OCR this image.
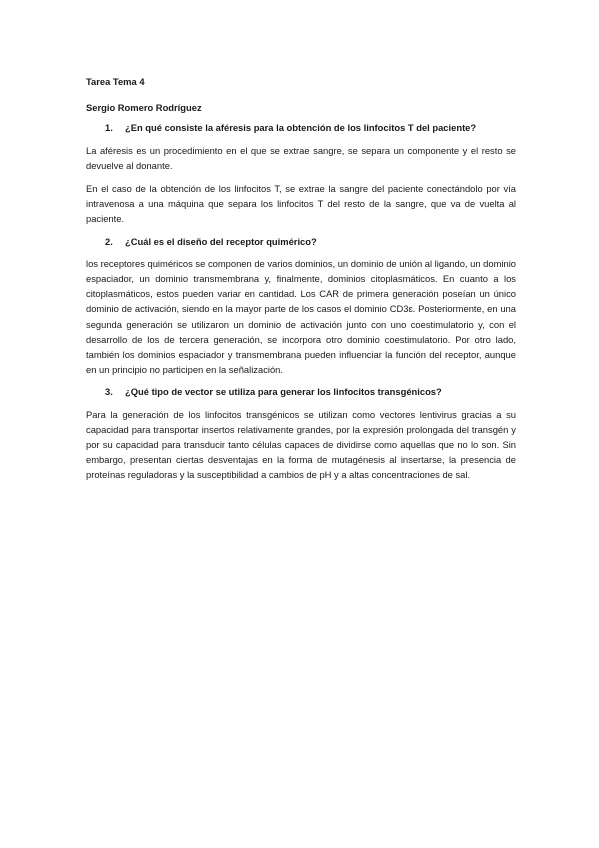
Tarea Tema 4
Sergio Romero Rodríguez
1.	¿En qué consiste la aféresis para la obtención de los linfocitos T del paciente?

La aféresis es un procedimiento en el que se extrae sangre, se separa un componente y el resto se devuelve al donante.

En el caso de la obtención de los linfocitos T, se extrae la sangre del paciente conectándolo por vía intravenosa a una máquina que separa los linfocitos T del resto de la sangre, que va de vuelta al paciente.

2.	¿Cuál es el diseño del receptor quimérico?

los receptores quiméricos se componen de varios dominios, un dominio de unión al ligando, un dominio espaciador, un dominio transmembrana y, finalmente, dominios citoplasmáticos. En cuanto a los citoplasmáticos, estos pueden variar en cantidad. Los CAR de primera generación poseían un único dominio de activación, siendo en la mayor parte de los casos el dominio CD3ɛ. Posteriormente, en una segunda generación se utilizaron un dominio de activación junto con uno coestimulatorio y, con el desarrollo de los de tercera generación, se incorpora otro dominio coestimulatorio. Por otro lado, también los dominios espaciador y transmembrana pueden influenciar la función del receptor, aunque en un principio no participen en la señalización.

3.	¿Qué tipo de vector se utiliza para generar los linfocitos transgénicos?

Para la generación de los linfocitos transgénicos se utilizan como vectores lentivirus gracias a su capacidad para transportar insertos relativamente grandes, por la expresión prolongada del transgén y por su capacidad para transducir tanto células capaces de dividirse como aquellas que no lo son. Sin embargo, presentan ciertas desventajas en la forma de mutagénesis al insertarse, la presencia de proteínas reguladoras y la susceptibilidad a cambios de pH y a altas concentraciones de sal.
